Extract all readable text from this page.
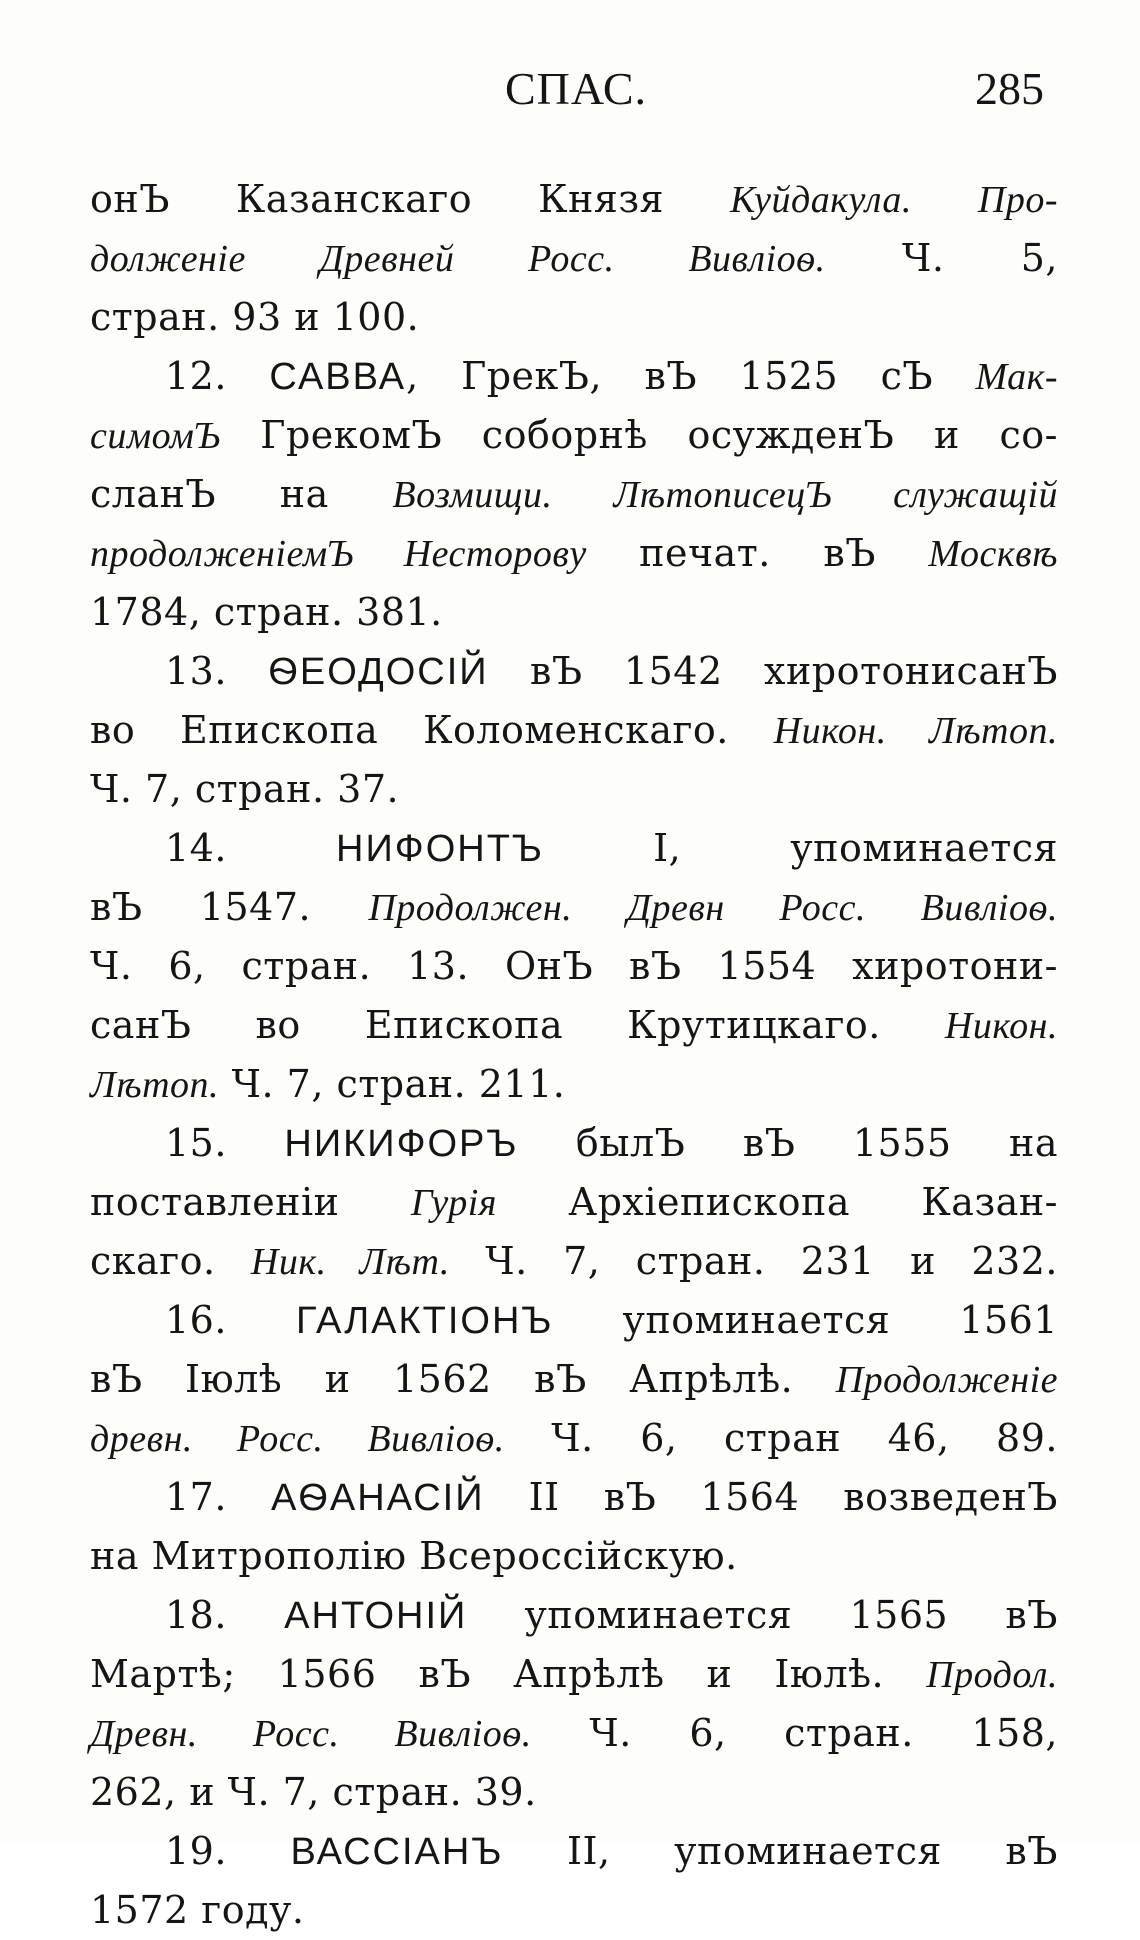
СПАС.	285
онЪ Казанскаго Князя Куйдакула. Про-
долженіе Древней Росс. Вивліоѳ. Ч. 5,
стран. 93 и 100.
12. САВВА, ГрекЪ, вЪ 1525 сЪ Мак-
симомЪ ГрекомЪ соборнѣ осужденЪ и со-
сланЪ на Возмищи. ЛѣтописецЪ служащій
продолженіемЪ Несторову печат. вЪ Москвѣ
1784, стран. 381.
13. ѲЕОДОСІЙ вЪ 1542 хиротонисанЪ
во Епископа Коломенскаго. Никон. Лѣтоп.
Ч. 7, стран. 37.
14. НИФОНТЪ I, упоминается
вЪ 1547. Продолжен. Древн Росс. Вивліоѳ.
Ч. 6, стран. 13. ОнЪ вЪ 1554 хиротони-
санЪ во Епископа Крутицкаго. Никон.
Лѣтоп. Ч. 7, стран. 211.
15. НИКИФОРЪ былЪ вЪ 1555 на
поставленіи Гурія Архіепископа Казан-
скаго. Ник. Лѣт. Ч. 7, стран. 231 и 232.
16. ГАЛАКТІОНЪ упоминается 1561
вЪ Іюлѣ и 1562 вЪ Апрѣлѣ. Продолженіе
древн. Росс. Вивліоѳ. Ч. 6, стран 46, 89.
17. АѲАНАСІЙ II вЪ 1564 возведенЪ
на Митрополію Всероссійскую.
18. АНТОНІЙ упоминается 1565 вЪ
Мартѣ; 1566 вЪ Апрѣлѣ и Іюлѣ. Продол.
Древн. Росс. Вивліоѳ. Ч. 6, стран. 158,
262, и Ч. 7, стран. 39.
19. ВАССІАНЪ II, упоминается вЪ
1572 году.
